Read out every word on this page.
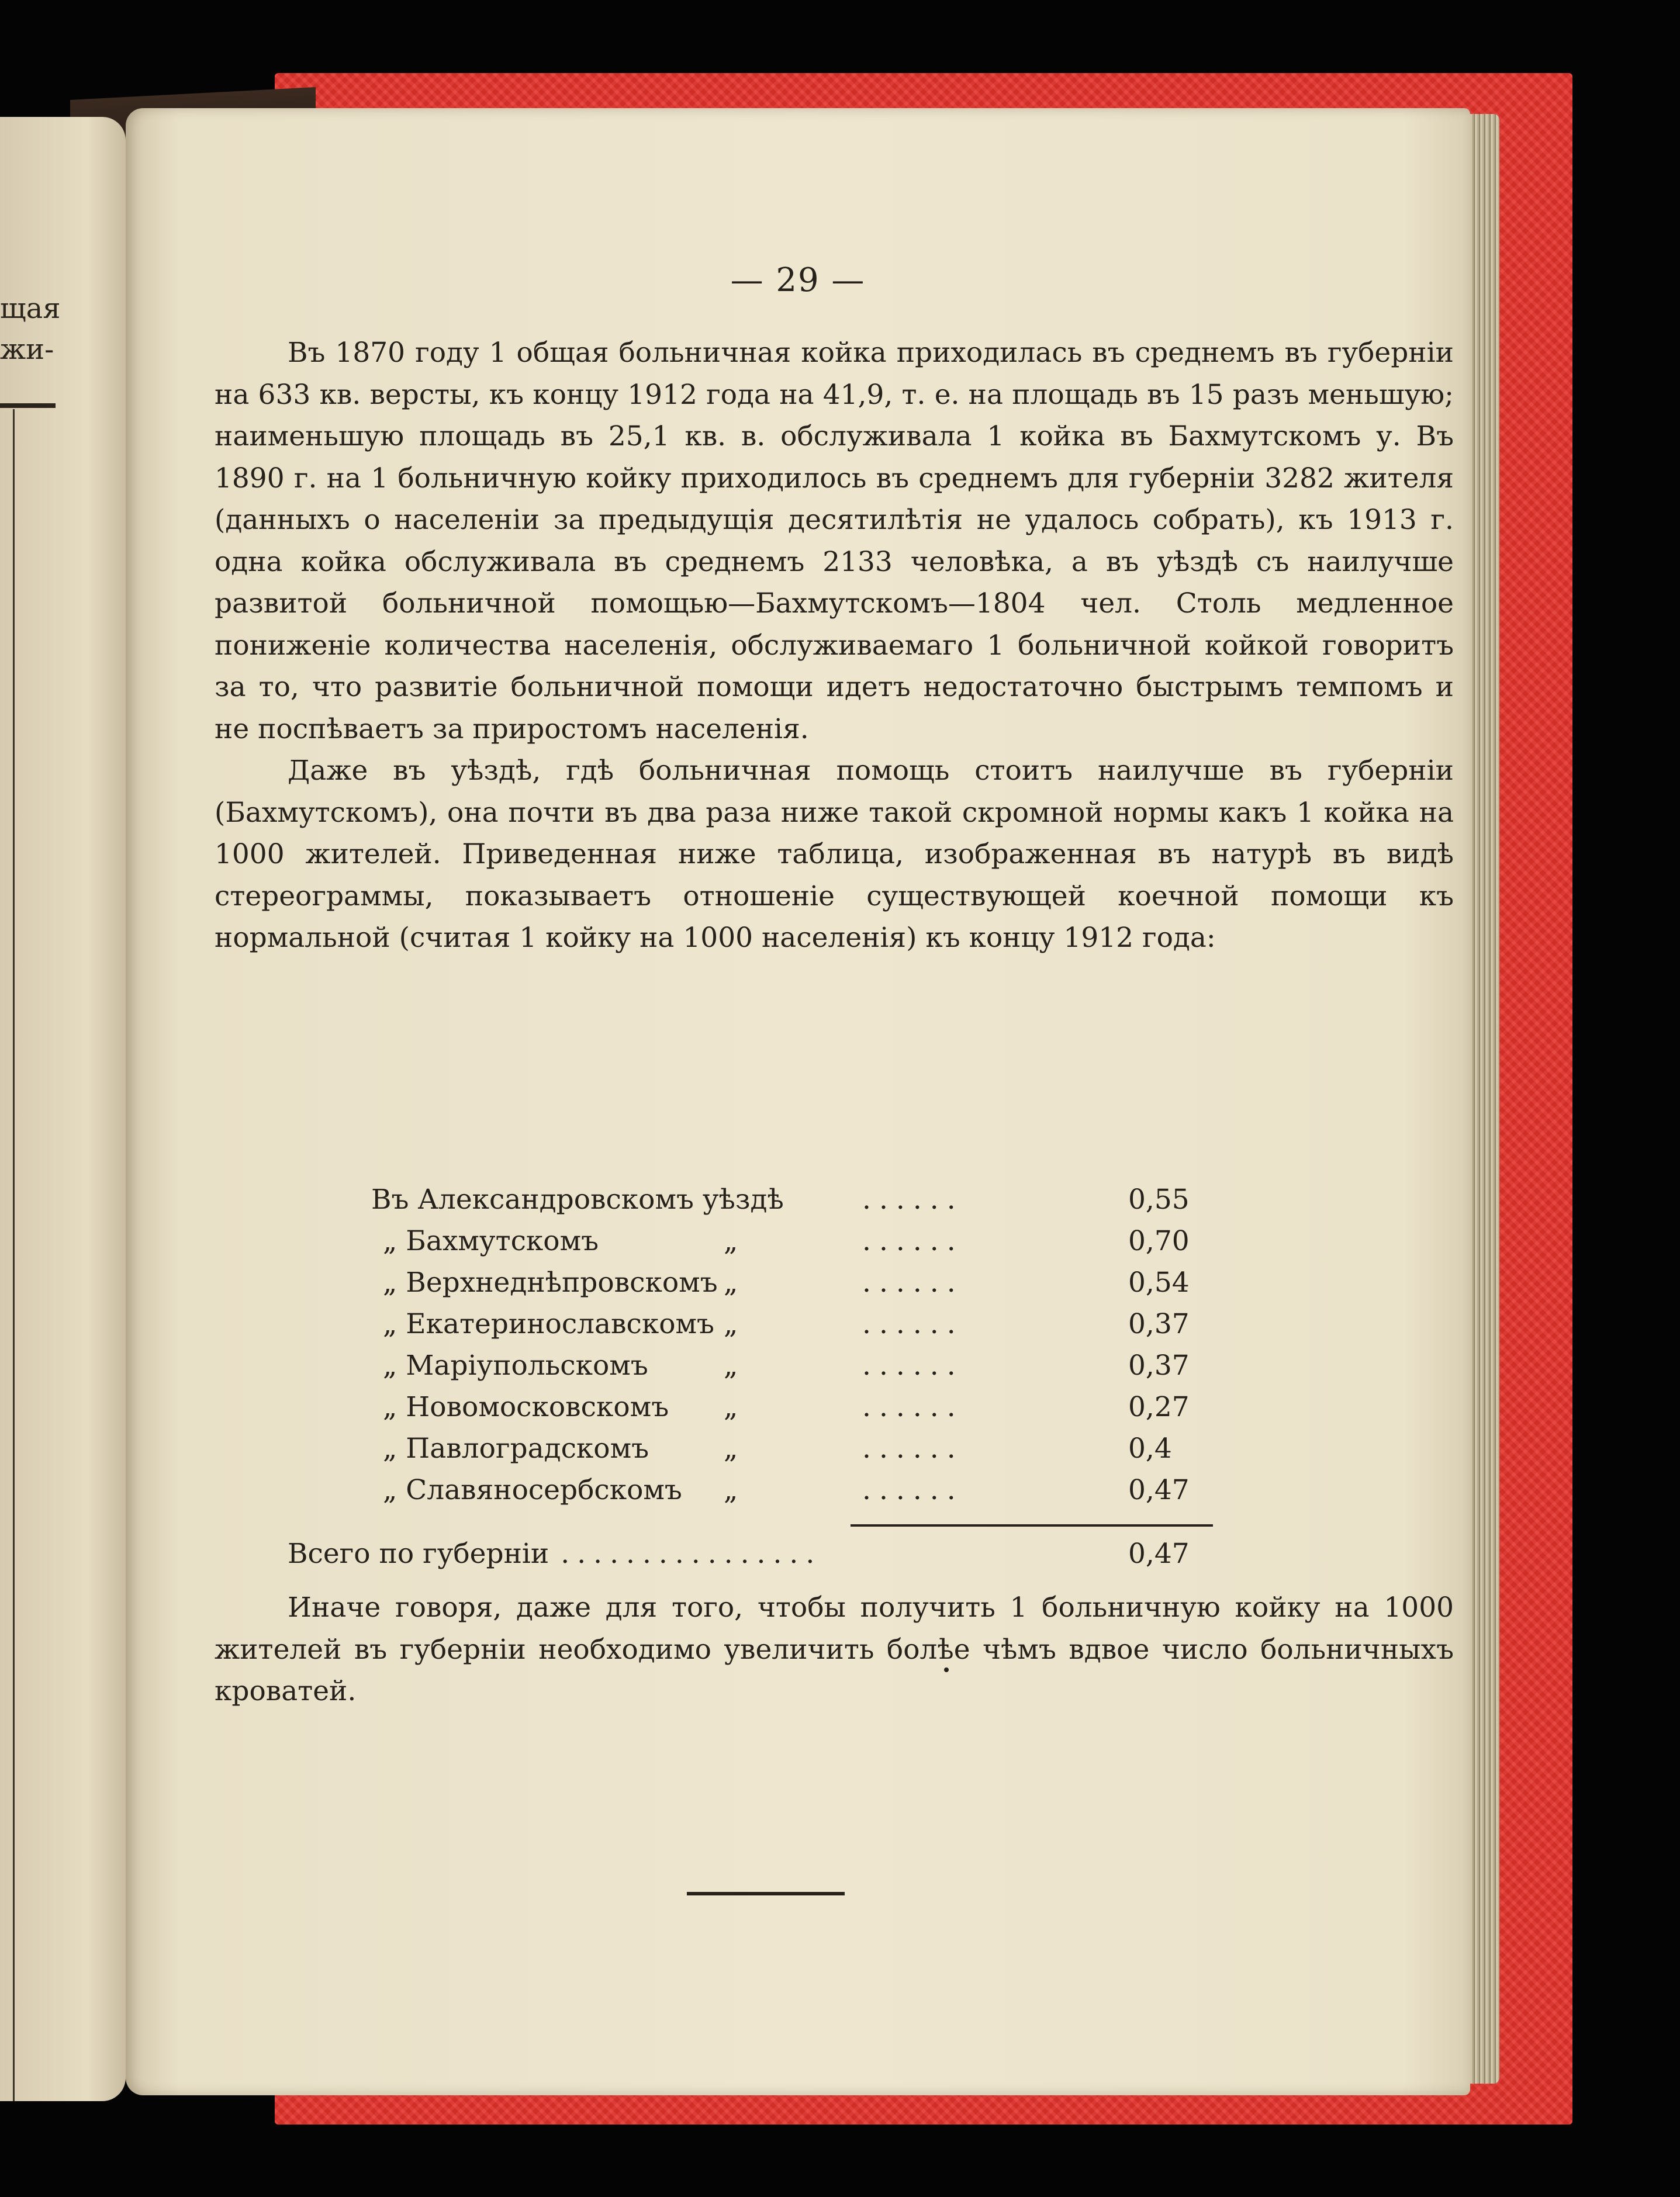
щая
жи-
— 29 —

Въ 1870 году 1 общая больничная койка приходилась въ среднемъ въ губерніи на 633 кв. версты, къ концу 1912 года на 41,9, т. е. на площадь въ 15 разъ меньшую; наименьшую площадь въ 25,1 кв. в. обслуживала 1 койка въ Бахмутскомъ у. Въ 1890 г. на 1 больничную койку приходилось въ среднемъ для губерніи 3282 жителя (данныхъ о населеніи за предыдущія десятилѣтія не удалось собрать), къ 1913 г. одна койка обслуживала въ среднемъ 2133 человѣка, а въ уѣздѣ съ наилучше развитой больничной помощью—Бахмутскомъ—1804 чел. Столь медленное пониженіе количества населенія, обслуживаемаго 1 больничной койкой говоритъ за то, что развитіе больничной помощи идетъ недостаточно быстрымъ темпомъ и не поспѣваетъ за приростомъ населенія.

Даже въ уѣздѣ, гдѣ больничная помощь стоитъ наилучше въ губерніи (Бахмутскомъ), она почти въ два раза ниже такой скромной нормы какъ 1 койка на 1000 жителей. Приведенная ниже таблица, изображенная въ натурѣ въ видѣ стереограммы, показываетъ отношеніе существующей коечной помощи къ нормальной (считая 1 койку на 1000 населенія) къ концу 1912 года:

Въ Александровскомъ уѣздѣ	......	0,55
„ Бахмутскомъ	„	......	0,70
„ Верхнеднѣпровскомъ „	......	0,54
„ Екатеринославскомъ „	......	0,37
„ Маріупольскомъ	„	......	0,37
„ Новомосковскомъ „	......	0,27
„ Павлоградскомъ	„	......	0,4
„ Славяносербскомъ „	......	0,47
Всего по губерніи ................	0,47

Иначе говоря, даже для того, чтобы получить 1 больничную койку на 1000 жителей въ губерніи необходимо увеличить болѣе чѣмъ вдвое число больничныхъ кроватей.
